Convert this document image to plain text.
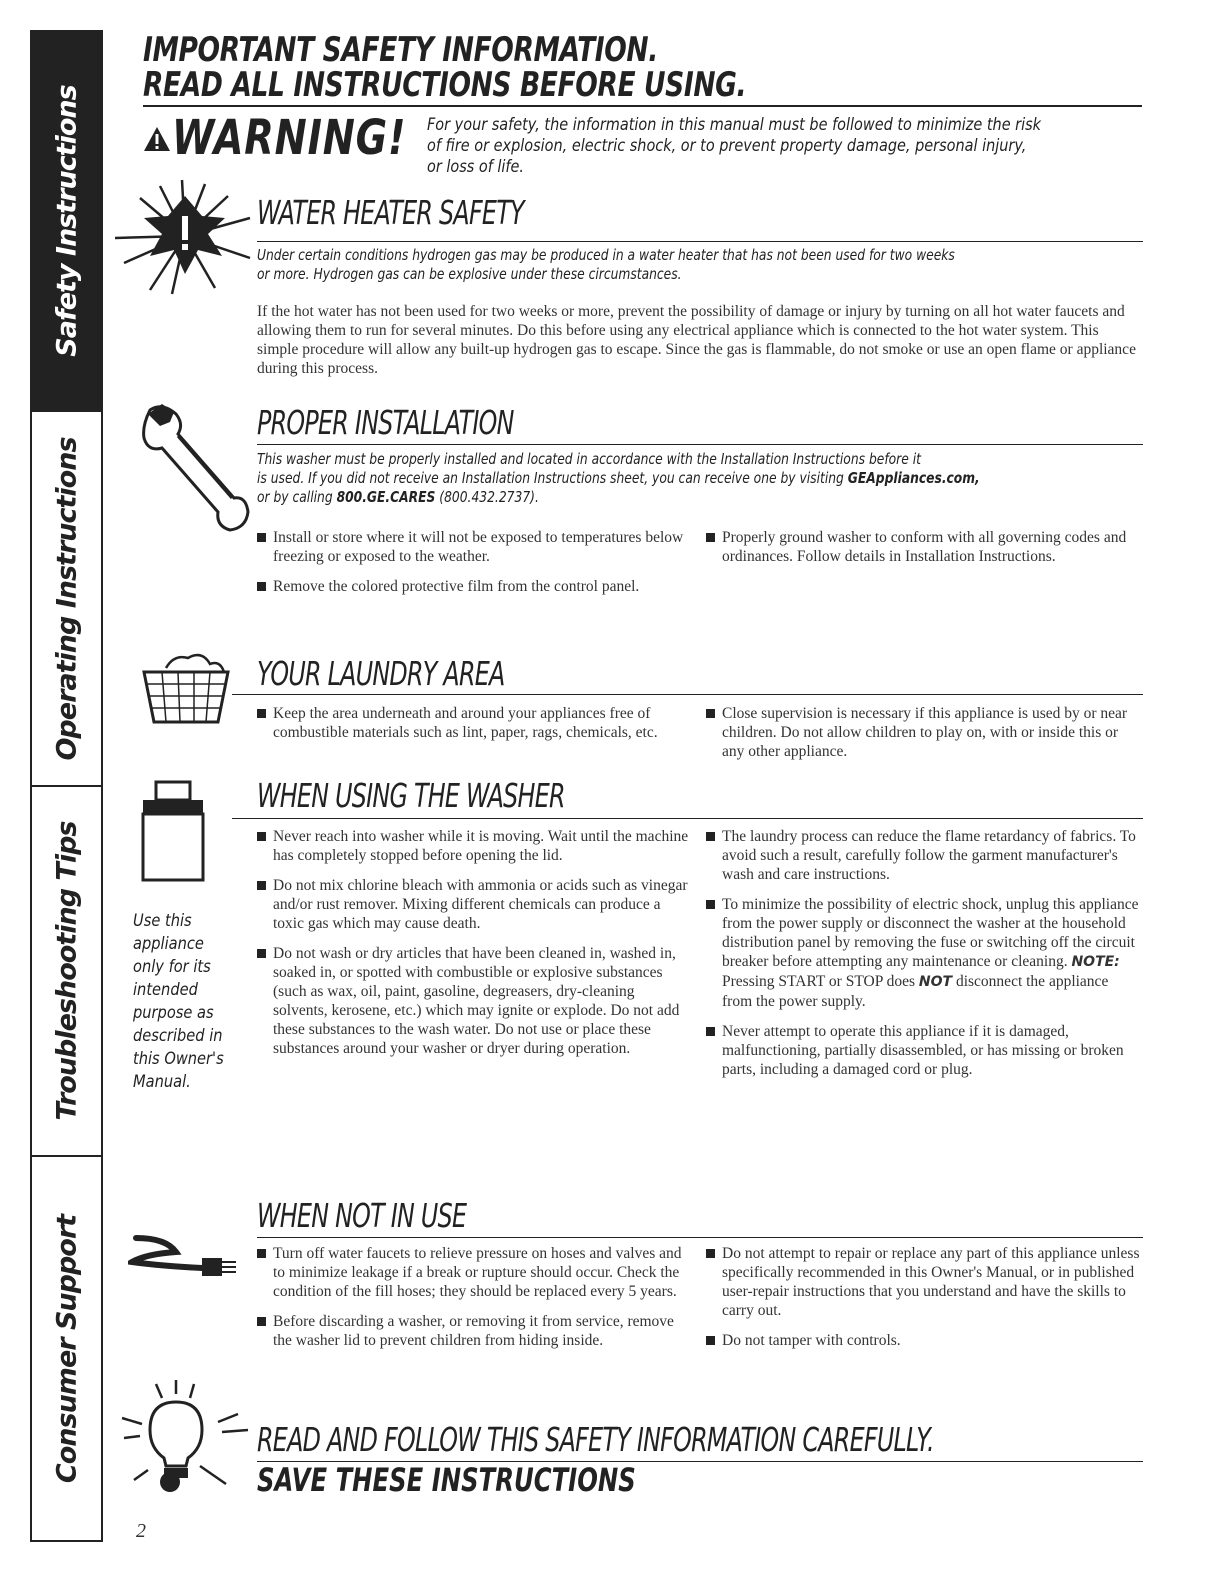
Safety Instructions
Operating Instructions
Troubleshooting Tips
Consumer Support
IMPORTANT SAFETY INFORMATION.
READ ALL INSTRUCTIONS BEFORE USING.
WARNING! For your safety, the information in this manual must be followed to minimize the risk
of fire or explosion, electric shock, or to prevent property damage, personal injury,
or loss of life.
WATER HEATER SAFETY
Under certain conditions hydrogen gas may be produced in a water heater that has not been used for two weeks
or more. Hydrogen gas can be explosive under these circumstances.
If the hot water has not been used for two weeks or more, prevent the possibility of damage or injury by turning on all hot water faucets and allowing them to run for several minutes. Do this before using any electrical appliance which is connected to the hot water system. This simple procedure will allow any built-up hydrogen gas to escape. Since the gas is flammable, do not smoke or use an open flame or appliance during this process.
PROPER INSTALLATION
This washer must be properly installed and located in accordance with the Installation Instructions before it
is used. If you did not receive an Installation Instructions sheet, you can receive one by visiting GEAppliances.com,
or by calling 800.GE.CARES (800.432.2737).
Install or store where it will not be exposed to temperatures below freezing or exposed to the weather.
Remove the colored protective film from the control panel.
Properly ground washer to conform with all governing codes and ordinances. Follow details in Installation Instructions.
YOUR LAUNDRY AREA
Keep the area underneath and around your appliances free of combustible materials such as lint, paper, rags, chemicals, etc.
Close supervision is necessary if this appliance is used by or near children. Do not allow children to play on, with or inside this or any other appliance.
WHEN USING THE WASHER
Use this appliance only for its intended purpose as described in this Owner's Manual.
Never reach into washer while it is moving. Wait until the machine has completely stopped before opening the lid.
Do not mix chlorine bleach with ammonia or acids such as vinegar and/or rust remover. Mixing different chemicals can produce a toxic gas which may cause death.
Do not wash or dry articles that have been cleaned in, washed in, soaked in, or spotted with combustible or explosive substances (such as wax, oil, paint, gasoline, degreasers, dry-cleaning solvents, kerosene, etc.) which may ignite or explode. Do not add these substances to the wash water. Do not use or place these substances around your washer or dryer during operation.
The laundry process can reduce the flame retardancy of fabrics. To avoid such a result, carefully follow the garment manufacturer's wash and care instructions.
To minimize the possibility of electric shock, unplug this appliance from the power supply or disconnect the washer at the household distribution panel by removing the fuse or switching off the circuit breaker before attempting any maintenance or cleaning. NOTE: Pressing START or STOP does NOT disconnect the appliance from the power supply.
Never attempt to operate this appliance if it is damaged, malfunctioning, partially disassembled, or has missing or broken parts, including a damaged cord or plug.
WHEN NOT IN USE
Turn off water faucets to relieve pressure on hoses and valves and to minimize leakage if a break or rupture should occur. Check the condition of the fill hoses; they should be replaced every 5 years.
Before discarding a washer, or removing it from service, remove the washer lid to prevent children from hiding inside.
Do not attempt to repair or replace any part of this appliance unless specifically recommended in this Owner's Manual, or in published user-repair instructions that you understand and have the skills to carry out.
Do not tamper with controls.
READ AND FOLLOW THIS SAFETY INFORMATION CAREFULLY.
SAVE THESE INSTRUCTIONS
2
